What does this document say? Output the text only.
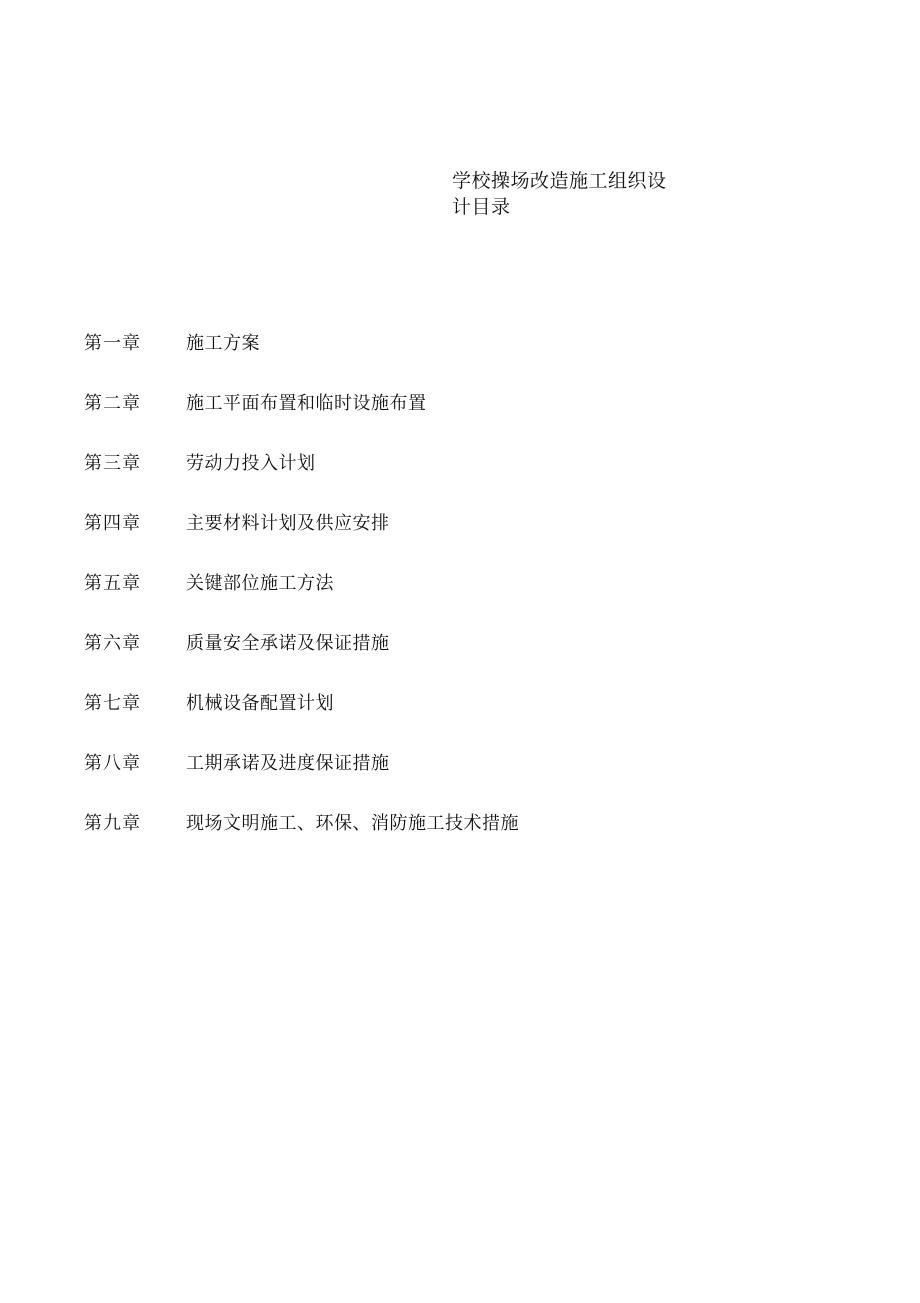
学校操场改造施工组织设
计目录
第一章	施工方案
第二章	施工平面布置和临时设施布置
第三章	劳动力投入计划
第四章	主要材料计划及供应安排
第五章	关键部位施工方法
第六章	质量安全承诺及保证措施
第七章	机械设备配置计划
第八章	工期承诺及进度保证措施
第九章	现场文明施工、环保、消防施工技术措施
